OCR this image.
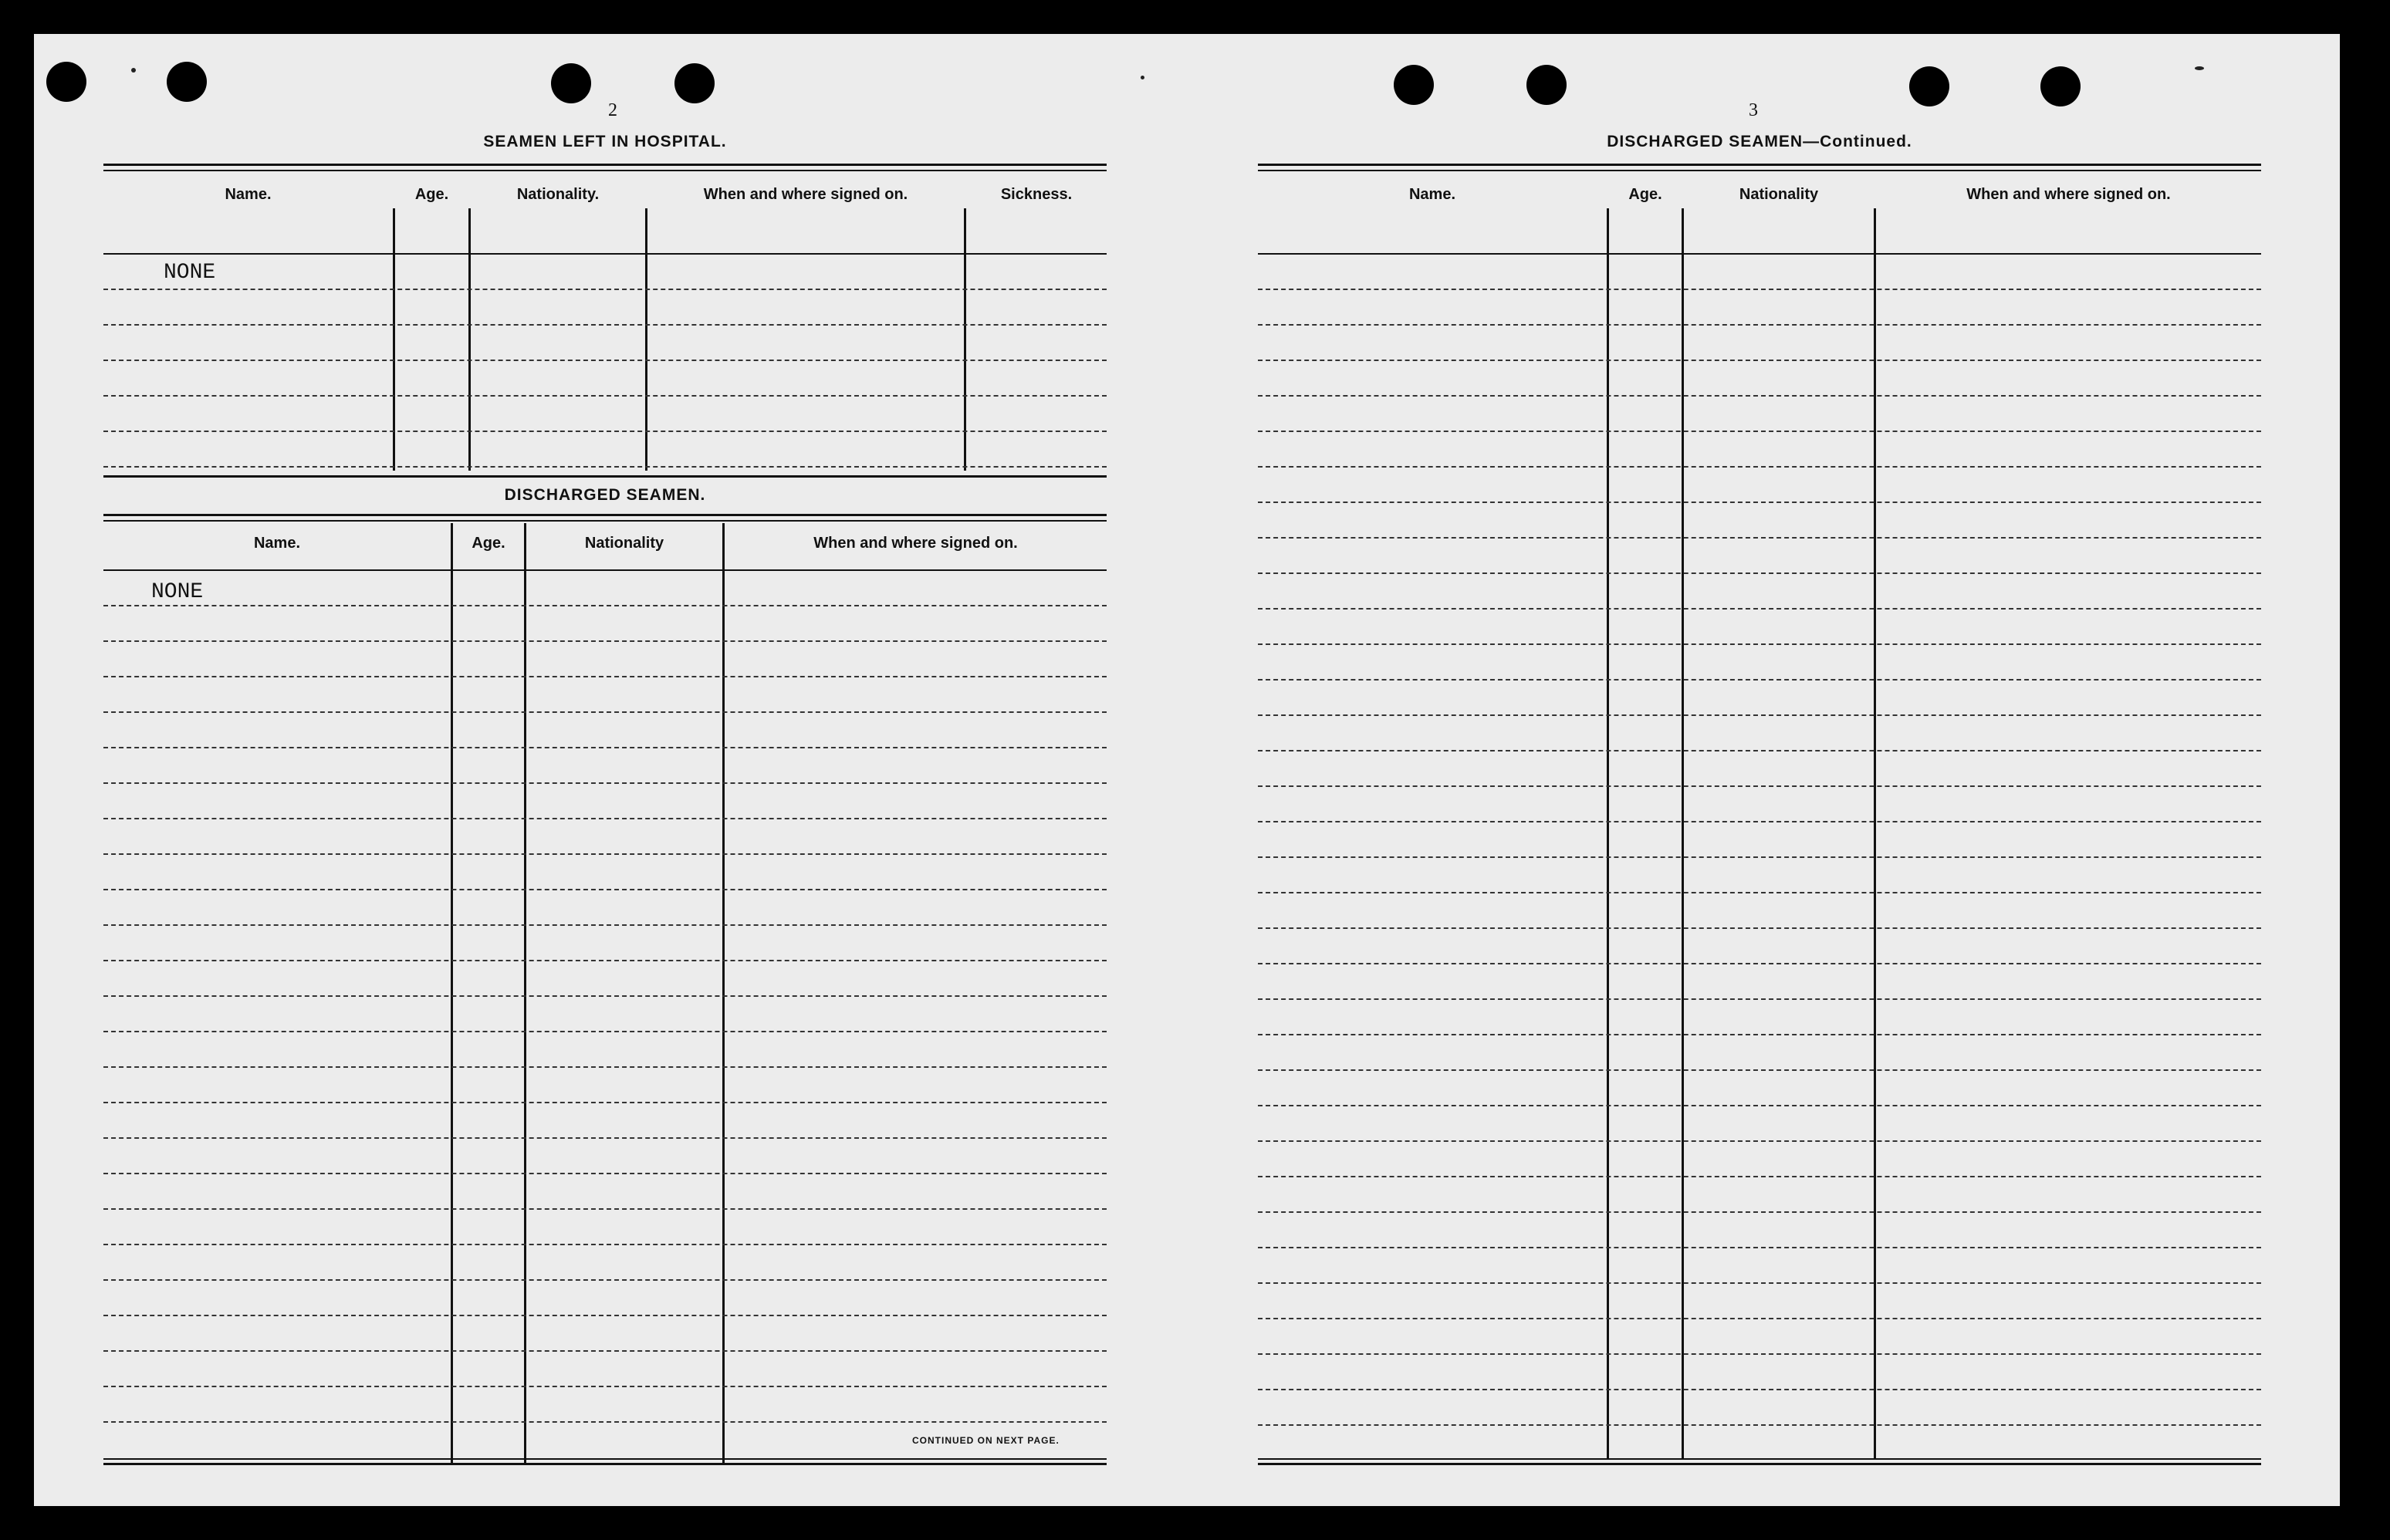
2
SEAMEN LEFT IN HOSPITAL.
Name.	Age.	Nationality.	When and where signed on.	Sickness.
NONE
DISCHARGED SEAMEN.
Name.	Age.	Nationality	When and where signed on.
NONE
CONTINUED ON NEXT PAGE.
3
DISCHARGED SEAMEN—Continued.
Name.	Age.	Nationality	When and where signed on.
